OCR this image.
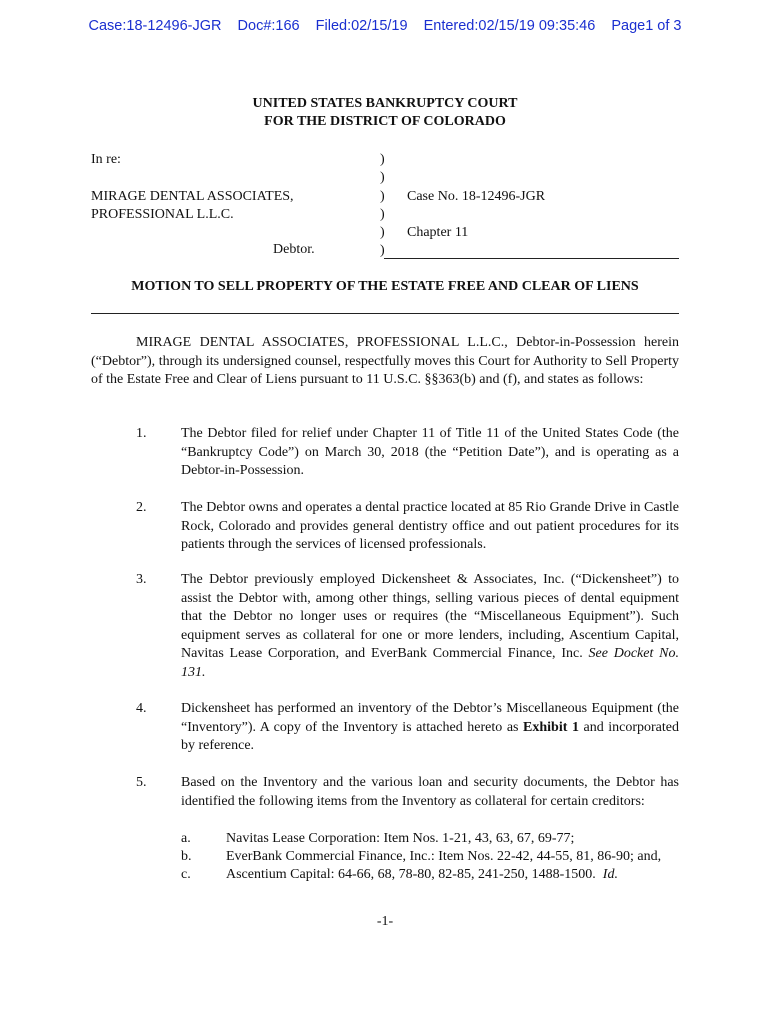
Case:18-12496-JGR Doc#:166 Filed:02/15/19 Entered:02/15/19 09:35:46 Page1 of 3
UNITED STATES BANKRUPTCY COURT
FOR THE DISTRICT OF COLORADO
In re:

MIRAGE DENTAL ASSOCIATES,
PROFESSIONAL L.L.C.
Debtor.
)
)
)
)
)
)

Case No. 18-12496-JGR

Chapter 11
MOTION TO SELL PROPERTY OF THE ESTATE FREE AND CLEAR OF LIENS
MIRAGE DENTAL ASSOCIATES, PROFESSIONAL L.L.C., Debtor-in-Possession herein (“Debtor”), through its undersigned counsel, respectfully moves this Court for Authority to Sell Property of the Estate Free and Clear of Liens pursuant to 11 U.S.C. §§363(b) and (f), and states as follows:
1. The Debtor filed for relief under Chapter 11 of Title 11 of the United States Code (the “Bankruptcy Code”) on March 30, 2018 (the “Petition Date”), and is operating as a Debtor-in-Possession.
2. The Debtor owns and operates a dental practice located at 85 Rio Grande Drive in Castle Rock, Colorado and provides general dentistry office and out patient procedures for its patients through the services of licensed professionals.
3. The Debtor previously employed Dickensheet & Associates, Inc. (“Dickensheet”) to assist the Debtor with, among other things, selling various pieces of dental equipment that the Debtor no longer uses or requires (the “Miscellaneous Equipment”). Such equipment serves as collateral for one or more lenders, including, Ascentium Capital, Navitas Lease Corporation, and EverBank Commercial Finance, Inc. See Docket No. 131.
4. Dickensheet has performed an inventory of the Debtor’s Miscellaneous Equipment (the “Inventory”). A copy of the Inventory is attached hereto as Exhibit 1 and incorporated by reference.
5. Based on the Inventory and the various loan and security documents, the Debtor has identified the following items from the Inventory as collateral for certain creditors:
a.	Navitas Lease Corporation: Item Nos. 1-21, 43, 63, 67, 69-77;
b. EverBank Commercial Finance, Inc.: Item Nos. 22-42, 44-55, 81, 86-90; and,
c.	Ascentium Capital: 64-66, 68, 78-80, 82-85, 241-250, 1488-1500. Id.
-1-
